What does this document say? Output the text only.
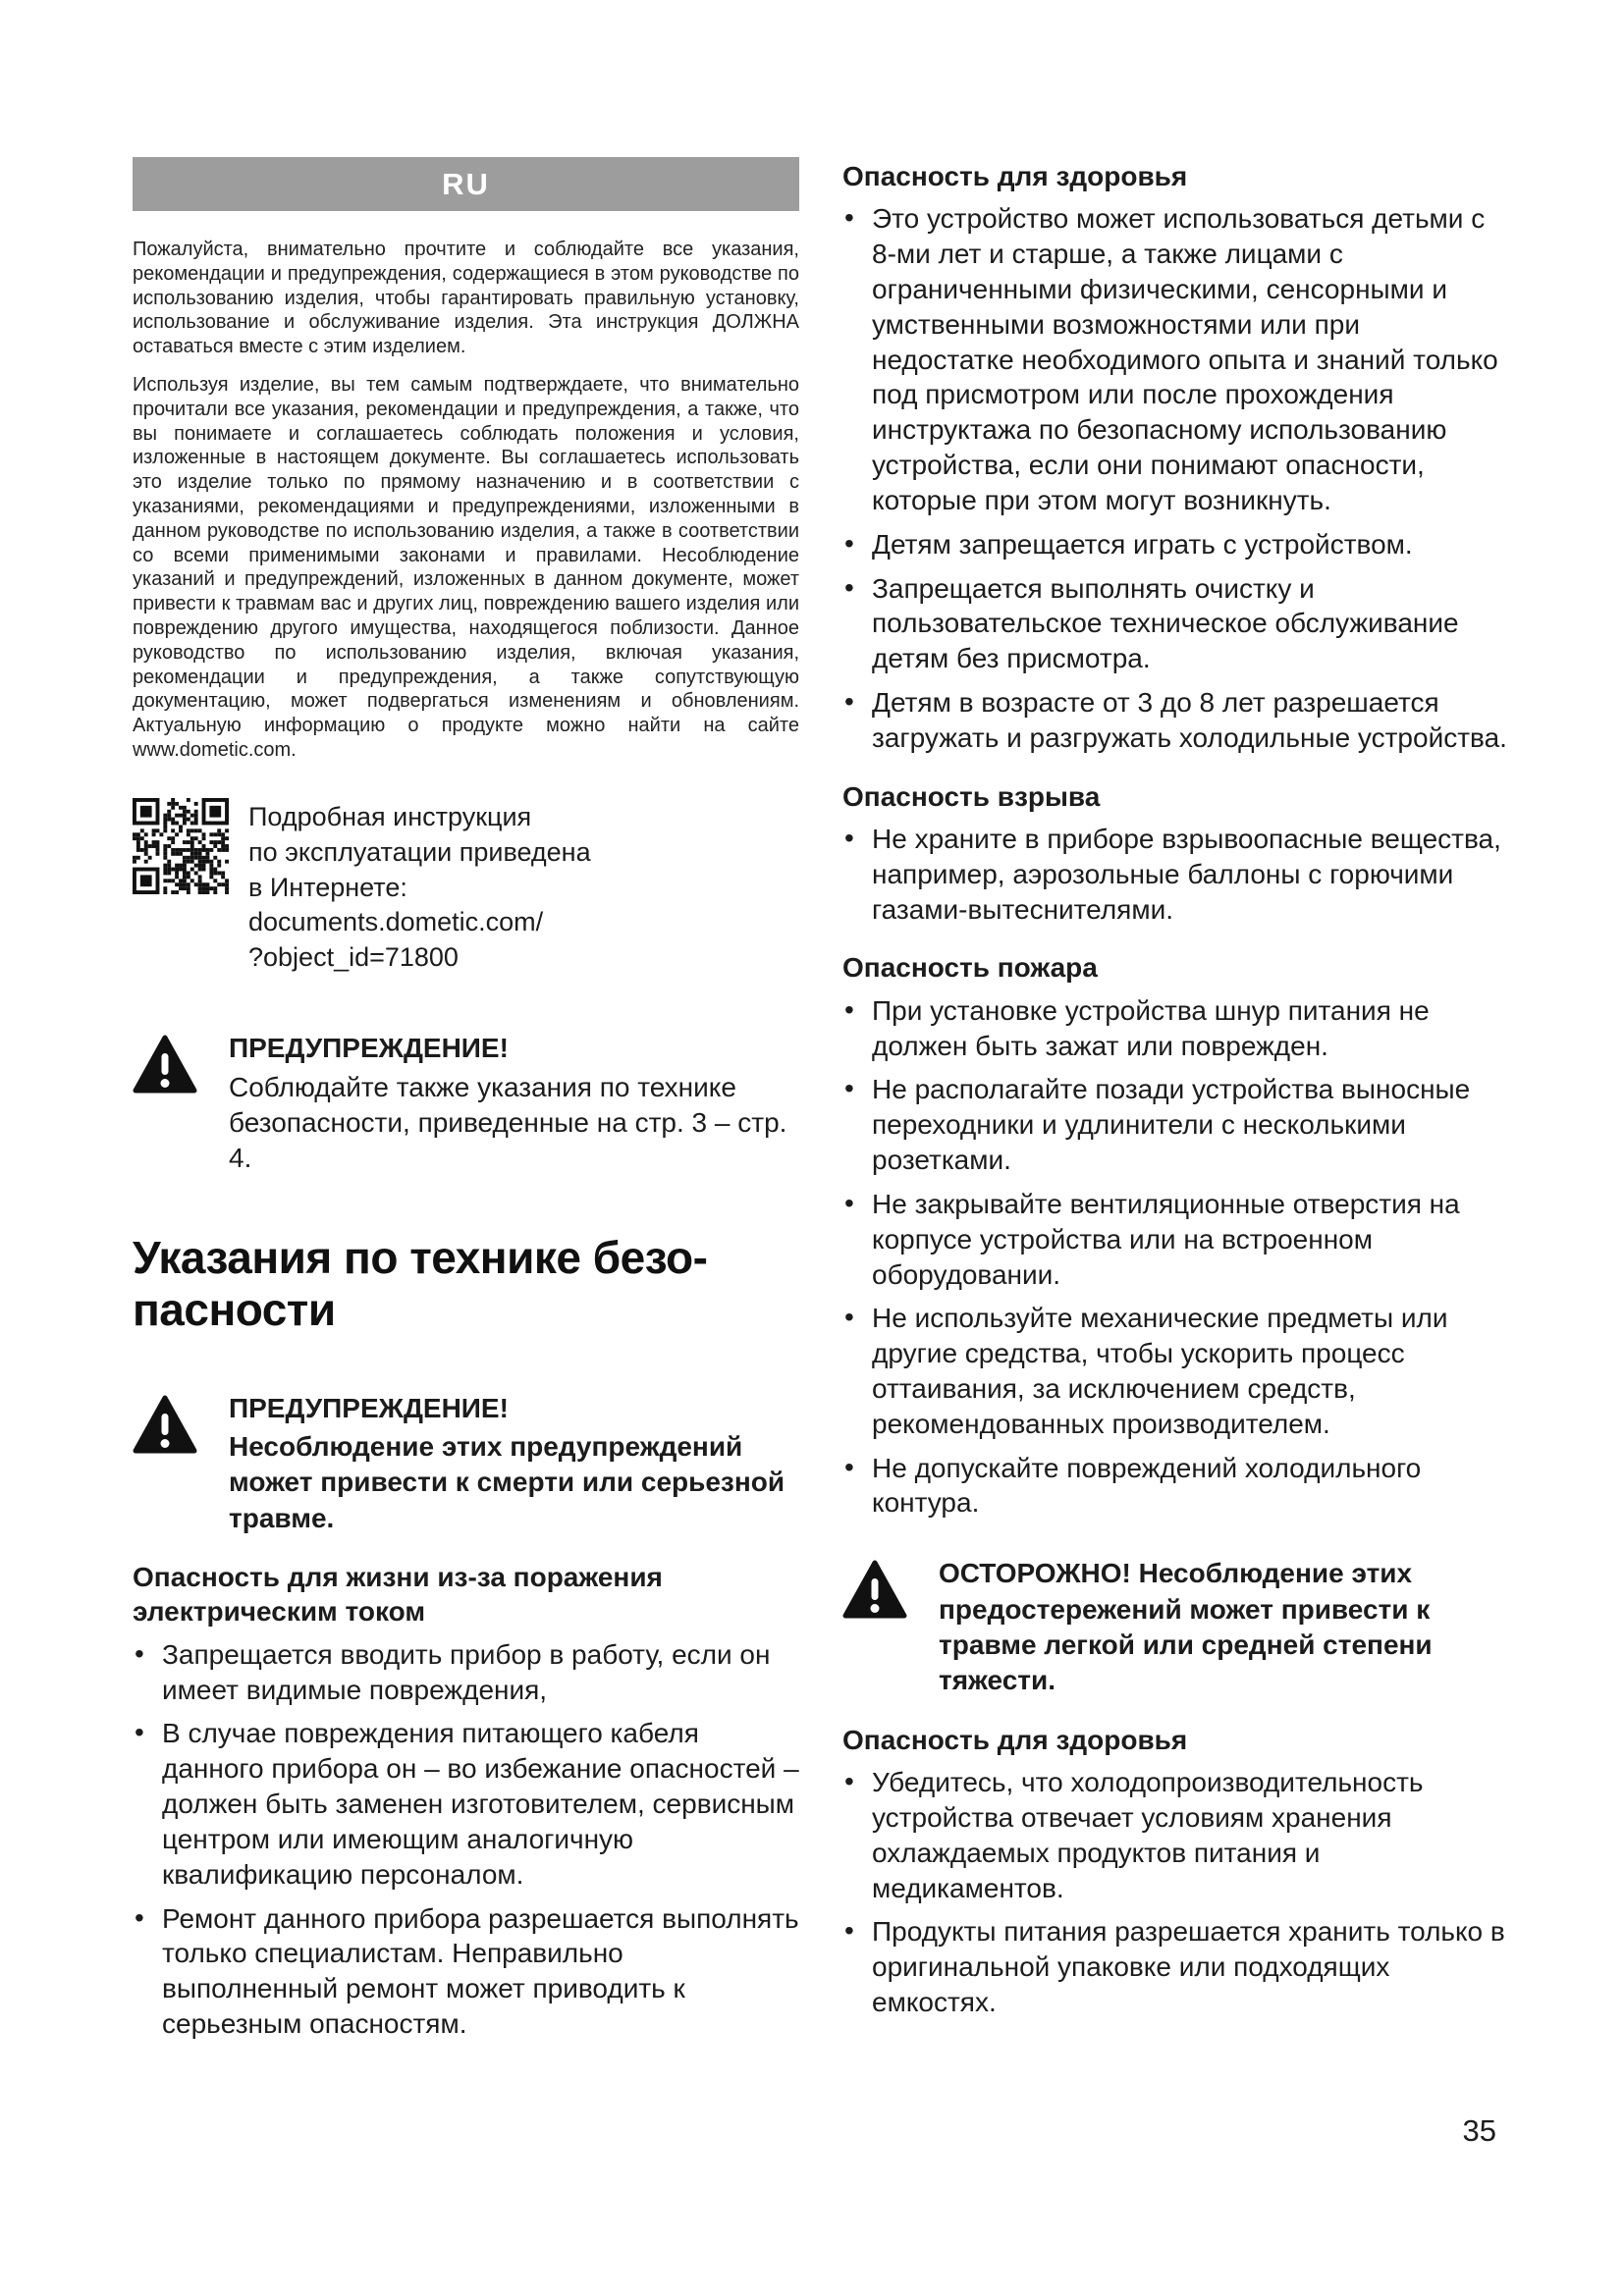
RU

Пожалуйста, внимательно прочтите и соблюдайте все указания, рекомендации и предупреждения, содержащиеся в этом руководстве по использованию изделия, чтобы гарантировать правильную установку, использование и обслуживание изделия. Эта инструкция ДОЛЖНА оставаться вместе с этим изделием.

Используя изделие, вы тем самым подтверждаете, что внимательно прочитали все указания, рекомендации и предупреждения, а также, что вы понимаете и соглашаетесь соблюдать положения и условия, изложенные в настоящем документе. Вы соглашаетесь использовать это изделие только по прямому назначению и в соответствии с указаниями, рекомендациями и предупреждениями, изложенными в данном руководстве по использованию изделия, а также в соответствии со всеми применимыми законами и правилами. Несоблюдение указаний и предупреждений, изложенных в данном документе, может привести к травмам вас и других лиц, повреждению вашего изделия или повреждению другого имущества, находящегося поблизости. Данное руководство по использованию изделия, включая указания, рекомендации и предупреждения, а также сопутствующую документацию, может подвергаться изменениям и обновлениям. Актуальную информацию о продукте можно найти на сайте www.dometic.com.

Подробная инструкция
по эксплуатации приведена
в Интернете:
documents.dometic.com/
?object_id=71800
ПРЕДУПРЕЖДЕНИЕ!
Соблюдайте также указания по технике безопасности, приведенные на стр. 3 – стр. 4.
Указания по технике безо-
пасности
ПРЕДУПРЕЖДЕНИЕ!
Несоблюдение этих предупреждений может привести к смерти или серьезной травме.
Опасность для жизни из-за поражения электрическим током
• Запрещается вводить прибор в работу, если он имеет видимые повреждения,
• В случае повреждения питающего кабеля данного прибора он – во избежание опасностей – должен быть заменен изготовителем, сервисным центром или имеющим аналогичную квалификацию персоналом.
• Ремонт данного прибора разрешается выполнять только специалистам. Неправильно выполненный ремонт может приводить к серьезным опасностям.
Опасность для здоровья
• Это устройство может использоваться детьми с 8-ми лет и старше, а также лицами с ограниченными физическими, сенсорными и умственными возможностями или при недостатке необходимого опыта и знаний только под присмотром или после прохождения инструктажа по безопасному использованию устройства, если они понимают опасности, которые при этом могут возникнуть.
• Детям запрещается играть с устройством.
• Запрещается выполнять очистку и пользовательское техническое обслуживание детям без присмотра.
• Детям в возрасте от 3 до 8 лет разрешается загружать и разгружать холодильные устройства.
Опасность взрыва
• Не храните в приборе взрывоопасные вещества, например, аэрозольные баллоны с горючими газами-вытеснителями.
Опасность пожара
• При установке устройства шнур питания не должен быть зажат или поврежден.
• Не располагайте позади устройства выносные переходники и удлинители с несколькими розетками.
• Не закрывайте вентиляционные отверстия на корпусе устройства или на встроенном оборудовании.
• Не используйте механические предметы или другие средства, чтобы ускорить процесс оттаивания, за исключением средств, рекомендованных производителем.
• Не допускайте повреждений холодильного контура.
ОСТОРОЖНО! Несоблюдение этих предостережений может привести к травме легкой или средней степени тяжести.
Опасность для здоровья
• Убедитесь, что холодопроизводительность устройства отвечает условиям хранения охлаждаемых продуктов питания и медикаментов.
• Продукты питания разрешается хранить только в оригинальной упаковке или подходящих емкостях.
35
